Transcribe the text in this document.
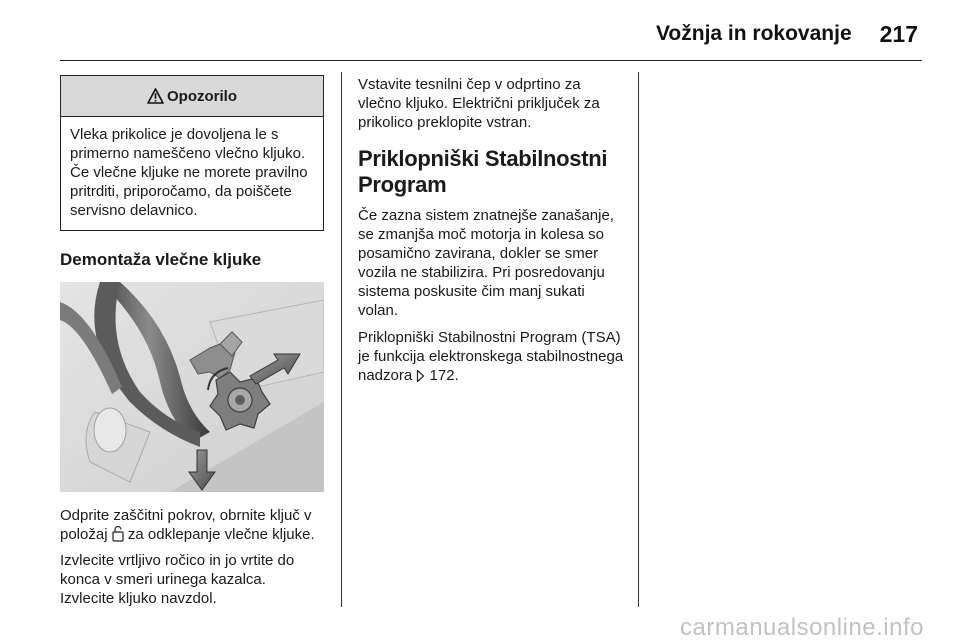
Vožnja in rokovanje 217
Opozorilo
Vleka prikolice je dovoljena le s primerno nameščeno vlečno kljuko. Če vlečne kljuke ne morete pravilno pritrditi, priporočamo, da poiščete servisno delavnico.
Demontaža vlečne kljuke

Odprite zaščitni pokrov, obrnite ključ v položaj  za odklepanje vlečne kljuke.

Izvlecite vrtljivo ročico in jo vrtite do konca v smeri urinega kazalca. Izvlecite kljuko navzdol.

Vstavite tesnilni čep v odprtino za vlečno kljuko. Električni priključek za prikolico preklopite vstran.

Priklopniški Stabilnostni Program

Če zazna sistem znatnejše zanašanje, se zmanjša moč motorja in kolesa so posamično zavirana, dokler se smer vozila ne stabilizira. Pri posredovanju sistema poskusite čim manj sukati volan.

Priklopniški Stabilnostni Program (TSA) je funkcija elektronskega stabilnostnega nadzora  172.

carmanualsonline.info
